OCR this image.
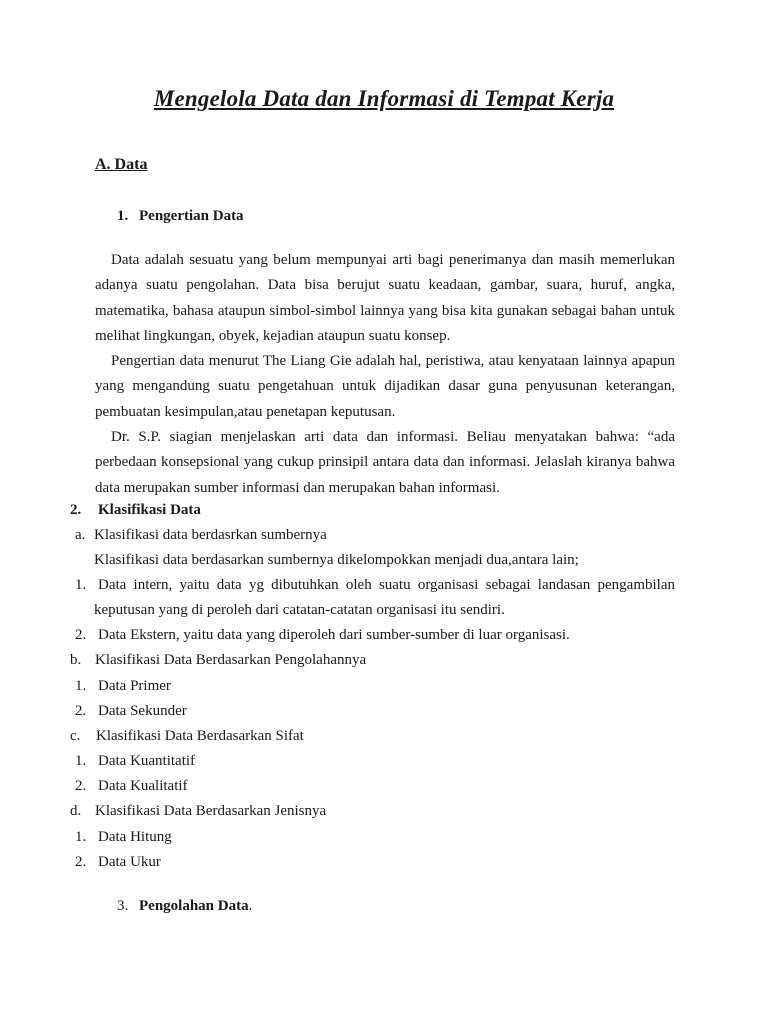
Mengelola Data dan Informasi di Tempat Kerja
A. Data
1. Pengertian Data

Data adalah sesuatu yang belum mempunyai arti bagi penerimanya dan masih memerlukan adanya suatu pengolahan. Data bisa berujut suatu keadaan, gambar, suara, huruf, angka, matematika, bahasa ataupun simbol-simbol lainnya yang bisa kita gunakan sebagai bahan untuk melihat lingkungan, obyek, kejadian ataupun suatu konsep.

Pengertian data menurut The Liang Gie adalah hal, peristiwa, atau kenyataan lainnya apapun yang mengandung suatu pengetahuan untuk dijadikan dasar guna penyusunan keterangan, pembuatan kesimpulan,atau penetapan keputusan.

Dr. S.P. siagian menjelaskan arti data dan informasi. Beliau menyatakan bahwa: “ada perbedaan konsepsional yang cukup prinsipil antara data dan informasi. Jelaslah kiranya bahwa data merupakan sumber informasi dan merupakan bahan informasi.

2. Klasifikasi Data
a. Klasifikasi data berdasrkan sumbernya
Klasifikasi data berdasarkan sumbernya dikelompokkan menjadi dua,antara lain;
1. Data intern, yaitu data yg dibutuhkan oleh suatu organisasi sebagai landasan pengambilan
keputusan yang di peroleh dari catatan-catatan organisasi itu sendiri.
2. Data Ekstern, yaitu data yang diperoleh dari sumber-sumber di luar organisasi.
b. Klasifikasi Data Berdasarkan Pengolahannya
1. Data Primer
2. Data Sekunder
c. Klasifikasi Data Berdasarkan Sifat
1. Data Kuantitatif
2. Data Kualitatif
d. Klasifikasi Data Berdasarkan Jenisnya
1. Data Hitung
2. Data Ukur
3. Pengolahan Data.
